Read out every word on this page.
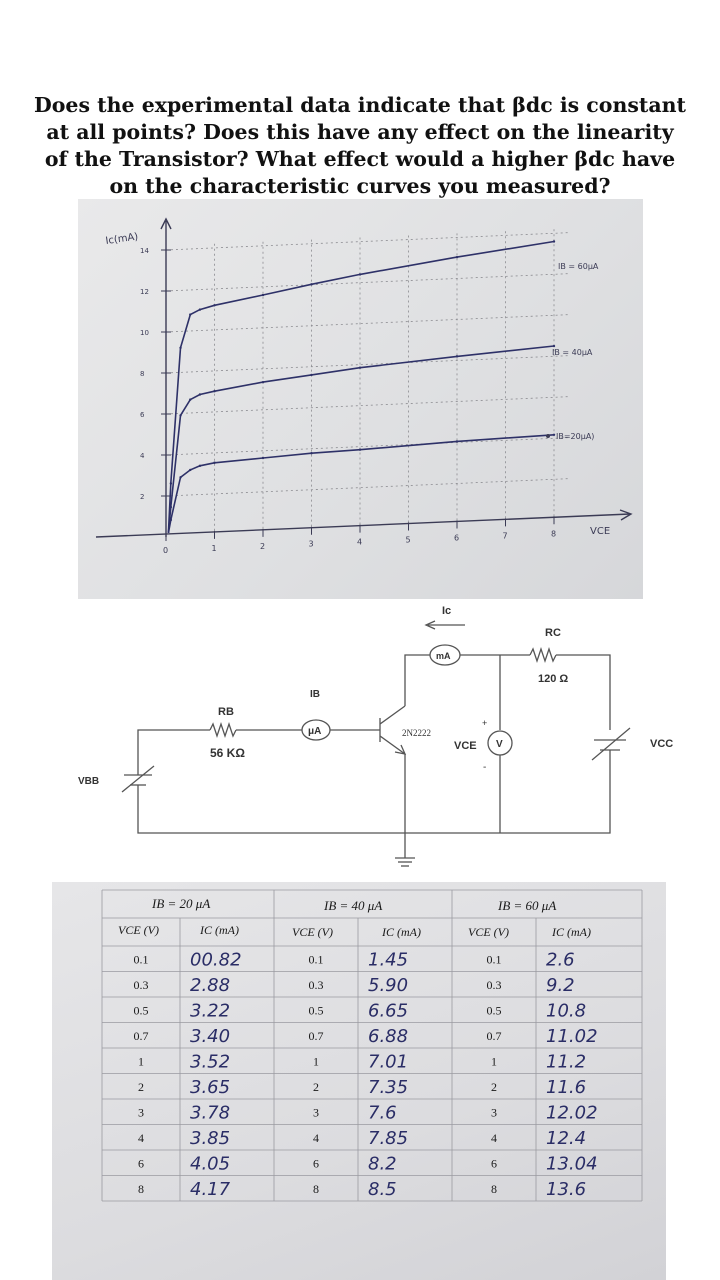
Does the experimental data indicate that βdc is constant
at all points? Does this have any effect on the linearity
of the Transistor? What effect would a higher βdc have
on the characteristic curves you measured?
0	1	2	3	4	5	6	7	8
2
4
6
8
10
12
14
Ic(mA)
VCE
IB = 60μA
IB = 40μA
IB=20μA)
Ic
IB
RC
120 Ω
RB
56 KΩ
mA
μA
V
2N2222
VCE
+
-
VBB
VCC
IB = 20 μA	IB = 40 μA	IB = 60 μA
VCE (V)	IC (mA)	VCE (V)	IC (mA)	VCE (V)	IC (mA)
0.1 00.82	0.1 1.45	0.1 2.6
0.3 2.88	0.3 5.90	0.3 9.2
0.5 3.22	0.5 6.65	0.5 10.8
0.7 3.40	0.7 6.88	0.7 11.02
1	3.52	1	7.01	1	11.2
2	3.65	2	7.35	2	11.6
3	3.78	3	7.6	3	12.02
4	3.85	4	7.85	4	12.4
6	4.05	6	8.2	6	13.04
8	4.17	8	8.5	8	13.6
